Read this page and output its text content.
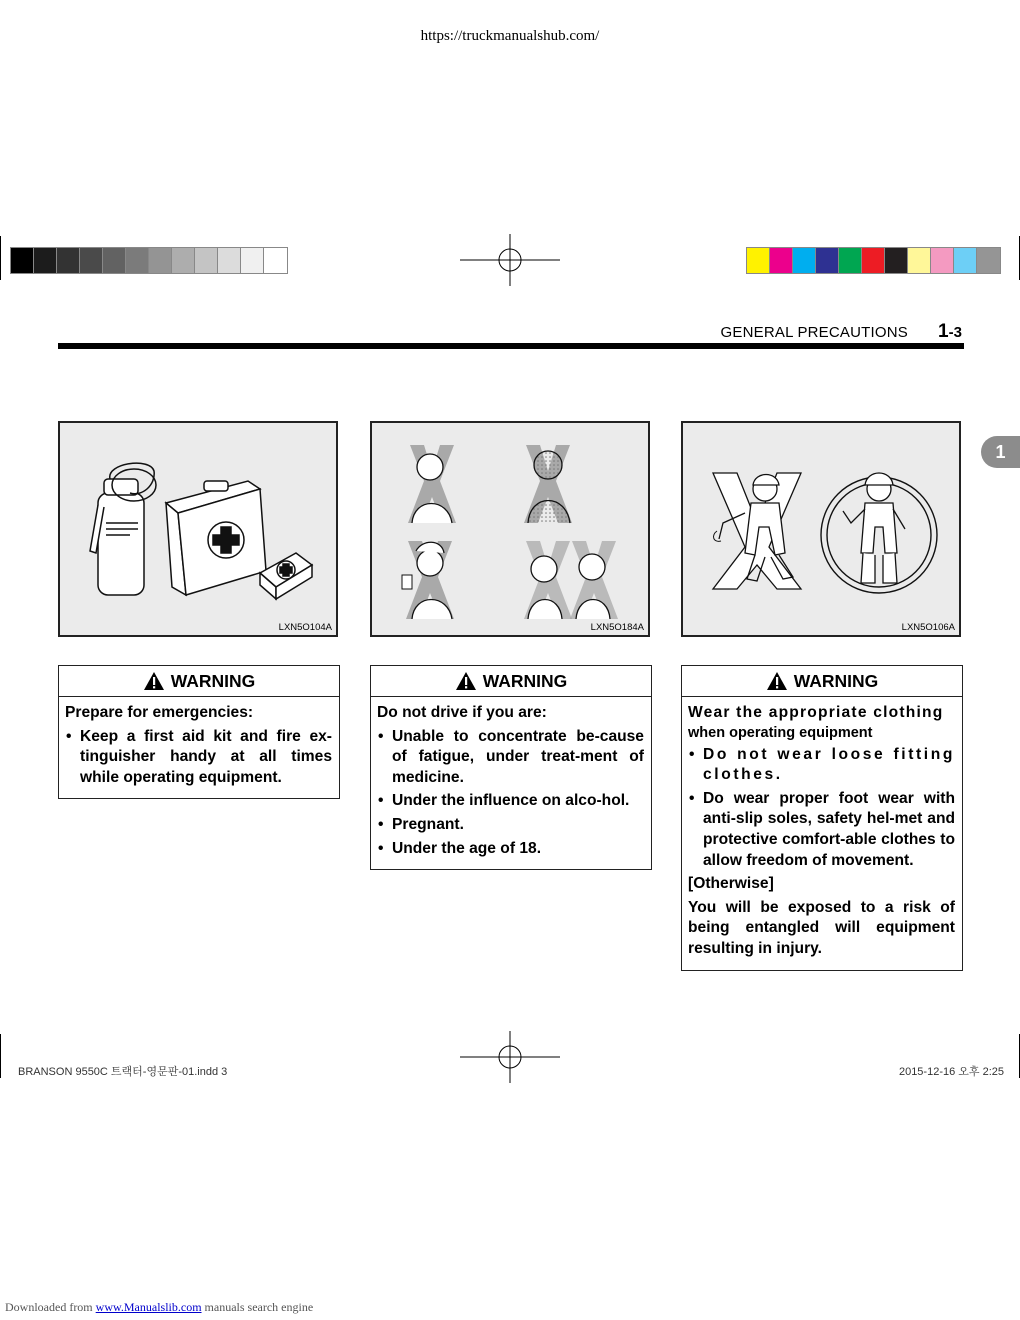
https://truckmanualshub.com/
GENERAL PRECAUTIONS 1-3
1
LXN5O104A	LXN5O184A	LXN5O106A
WARNING

Prepare for emergencies:

• Keep a first aid kit and fire ex-tinguisher handy at all times while operating equipment.
WARNING

Do not drive if you are:

• Unable to concentrate be-cause of fatigue, under treat-ment of medicine.
• Under the influence on alco-hol.
• Pregnant.
• Under the age of 18.
WARNING

Wear the appropriate clothing

when operating equipment

• Do not wear loose fitting clothes.
• Do wear proper foot wear with anti-slip soles, safety hel-met and protective comfort-able clothes to allow freedom of movement.

[Otherwise]

You will be exposed to a risk of being entangled will equipment resulting in injury.

BRANSON 9550C 트랙터-영문판-01.indd 3	2015-12-16 오후 2:25
Downloaded from www.Manualslib.com manuals search engine
